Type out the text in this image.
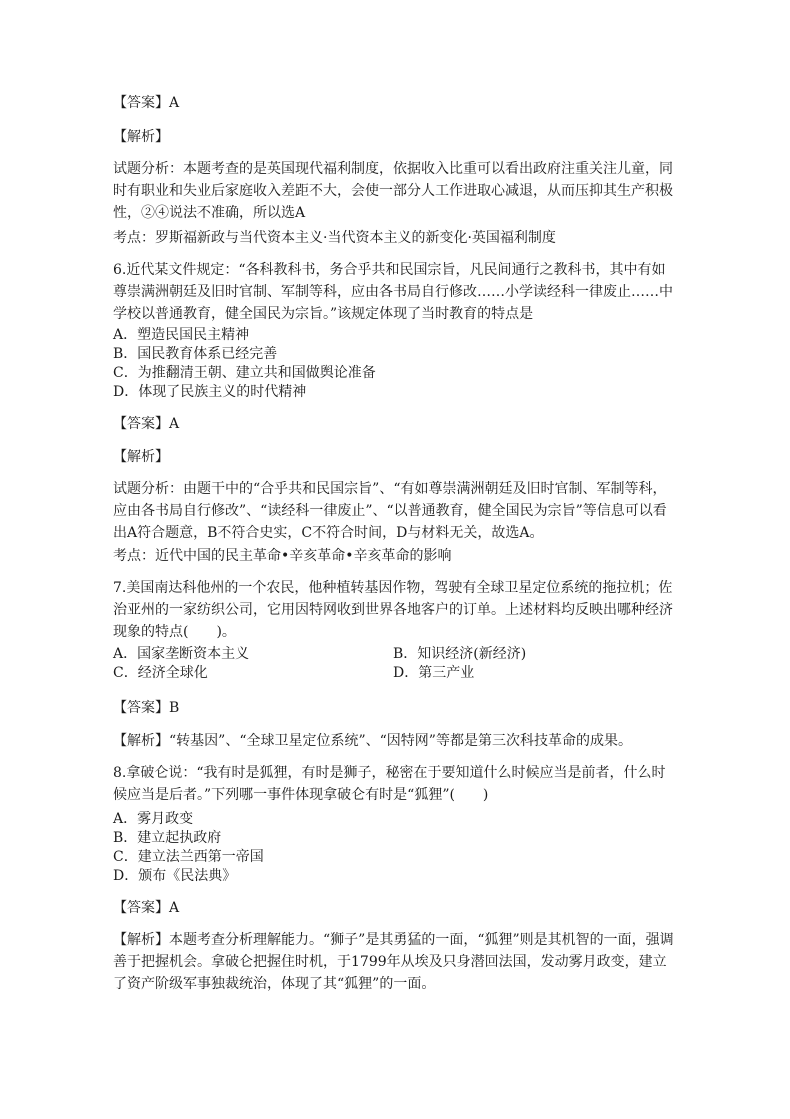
【答案】A
【解析】
试题分析：本题考查的是英国现代福利制度，依据收入比重可以看出政府注重关注儿童，同时有职业和失业后家庭收入差距不大，会使一部分人工作进取心减退，从而压抑其生产积极性，②④说法不准确，所以选A
考点：罗斯福新政与当代资本主义·当代资本主义的新变化·英国福利制度
6.近代某文件规定：“各科教科书，务合乎共和民国宗旨，凡民间通行之教科书，其中有如尊崇满洲朝廷及旧时官制、军制等科，应由各书局自行修改……小学读经科一律废止……中学校以普通教育，健全国民为宗旨。”该规定体现了当时教育的特点是
A．塑造民国民主精神
B．国民教育体系已经完善
C．为推翻清王朝、建立共和国做舆论准备
D．体现了民族主义的时代精神
【答案】A
【解析】
试题分析：由题干中的“合乎共和民国宗旨”、“有如尊崇满洲朝廷及旧时官制、军制等科，应由各书局自行修改”、“读经科一律废止”、“以普通教育，健全国民为宗旨”等信息可以看出A符合题意，B不符合史实，C不符合时间，D与材料无关，故选A。
考点：近代中国的民主革命•辛亥革命•辛亥革命的影响
7.美国南达科他州的一个农民，他种植转基因作物，驾驶有全球卫星定位系统的拖拉机；佐治亚州的一家纺织公司，它用因特网收到世界各地客户的订单。上述材料均反映出哪种经济现象的特点(　　)。
A．国家垄断资本主义	B．知识经济(新经济)
C．经济全球化	D．第三产业
【答案】B
【解析】“转基因”、“全球卫星定位系统”、“因特网”等都是第三次科技革命的成果。
8.拿破仑说：“我有时是狐狸，有时是狮子，秘密在于要知道什么时候应当是前者，什么时候应当是后者。”下列哪一事件体现拿破仑有时是“狐狸”(　　)
A．雾月政变
B．建立起执政府
C．建立法兰西第一帝国
D．颁布《民法典》
【答案】A
【解析】本题考查分析理解能力。“狮子”是其勇猛的一面，“狐狸”则是其机智的一面，强调善于把握机会。拿破仑把握住时机，于1799年从埃及只身潜回法国，发动雾月政变，建立了资产阶级军事独裁统治，体现了其“狐狸”的一面。
